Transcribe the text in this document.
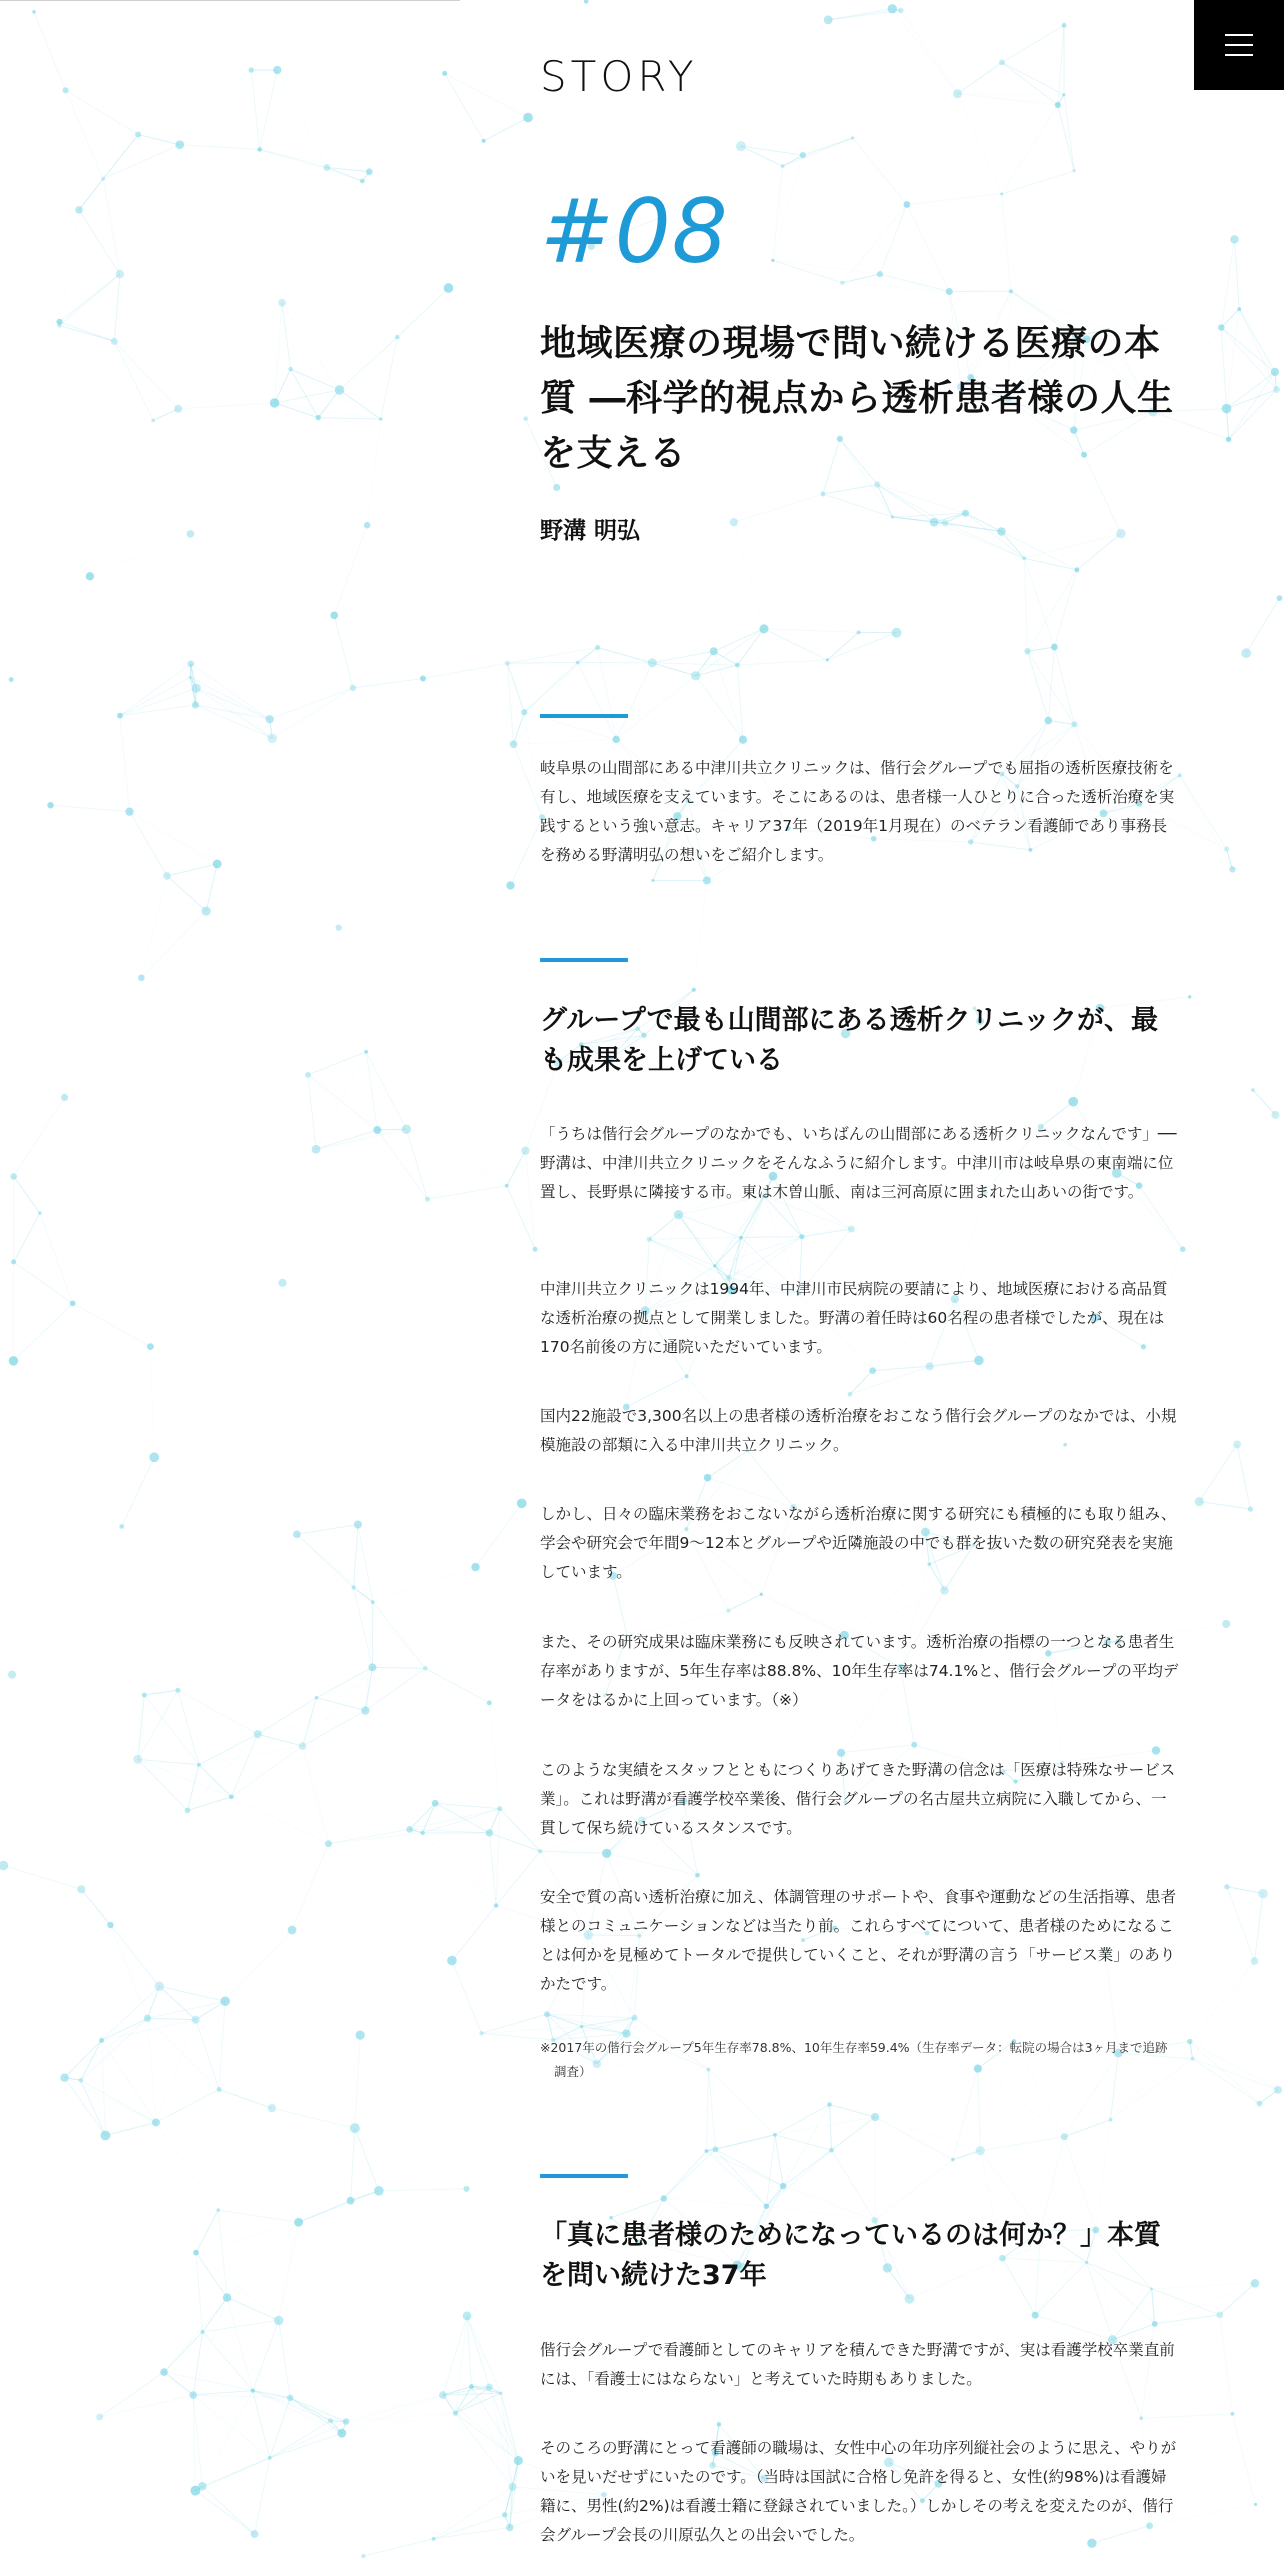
STORY
#08
地域医療の現場で問い続ける医療の本質 ―科学的視点から透析患者様の人生を支える
野溝 明弘

岐阜県の山間部にある中津川共立クリニックは、偕行会グループでも屈指の透析医療技術を有し、地域医療を支えています。そこにあるのは、患者様一人ひとりに合った透析治療を実践するという強い意志。キャリア37年（2019年1月現在）のベテラン看護師であり事務長を務める野溝明弘の想いをご紹介します。

グループで最も山間部にある透析クリニックが、最も成果を上げている

「うちは偕行会グループのなかでも、いちばんの山間部にある透析クリニックなんです」──野溝は、中津川共立クリニックをそんなふうに紹介します。中津川市は岐阜県の東南端に位置し、長野県に隣接する市。東は木曽山脈、南は三河高原に囲まれた山あいの街です。

中津川共立クリニックは1994年、中津川市民病院の要請により、地域医療における高品質な透析治療の拠点として開業しました。野溝の着任時は60名程の患者様でしたが、現在は170名前後の方に通院いただいています。

国内22施設で3,300名以上の患者様の透析治療をおこなう偕行会グループのなかでは、小規模施設の部類に入る中津川共立クリニック。

しかし、日々の臨床業務をおこないながら透析治療に関する研究にも積極的にも取り組み、学会や研究会で年間9〜12本とグループや近隣施設の中でも群を抜いた数の研究発表を実施しています。

また、その研究成果は臨床業務にも反映されています。透析治療の指標の一つとなる患者生存率がありますが、5年生存率は88.8%、10年生存率は74.1%と、偕行会グループの平均データをはるかに上回っています。（※）

このような実績をスタッフとともにつくりあげてきた野溝の信念は「医療は特殊なサービス業」。これは野溝が看護学校卒業後、偕行会グループの名古屋共立病院に入職してから、一貫して保ち続けているスタンスです。

安全で質の高い透析治療に加え、体調管理のサポートや、食事や運動などの生活指導、患者様とのコミュニケーションなどは当たり前。これらすべてについて、患者様のためになることは何かを見極めてトータルで提供していくこと、それが野溝の言う「サービス業」のありかたです。

※2017年の偕行会グループ5年生存率78.8%、10年生存率59.4%（生存率データ：転院の場合は3ヶ月まで追跡調査）

「真に患者様のためになっているのは何か？」本質を問い続けた37年

偕行会グループで看護師としてのキャリアを積んできた野溝ですが、実は看護学校卒業直前には、「看護士にはならない」と考えていた時期もありました。

そのころの野溝にとって看護師の職場は、女性中心の年功序列縦社会のように思え、やりがいを見いだせずにいたのです。（当時は国試に合格し免許を得ると、女性(約98%)は看護婦籍に、男性(約2%)は看護士籍に登録されていました。）しかしその考えを変えたのが、偕行会グループ会長の川原弘久との出会いでした。
